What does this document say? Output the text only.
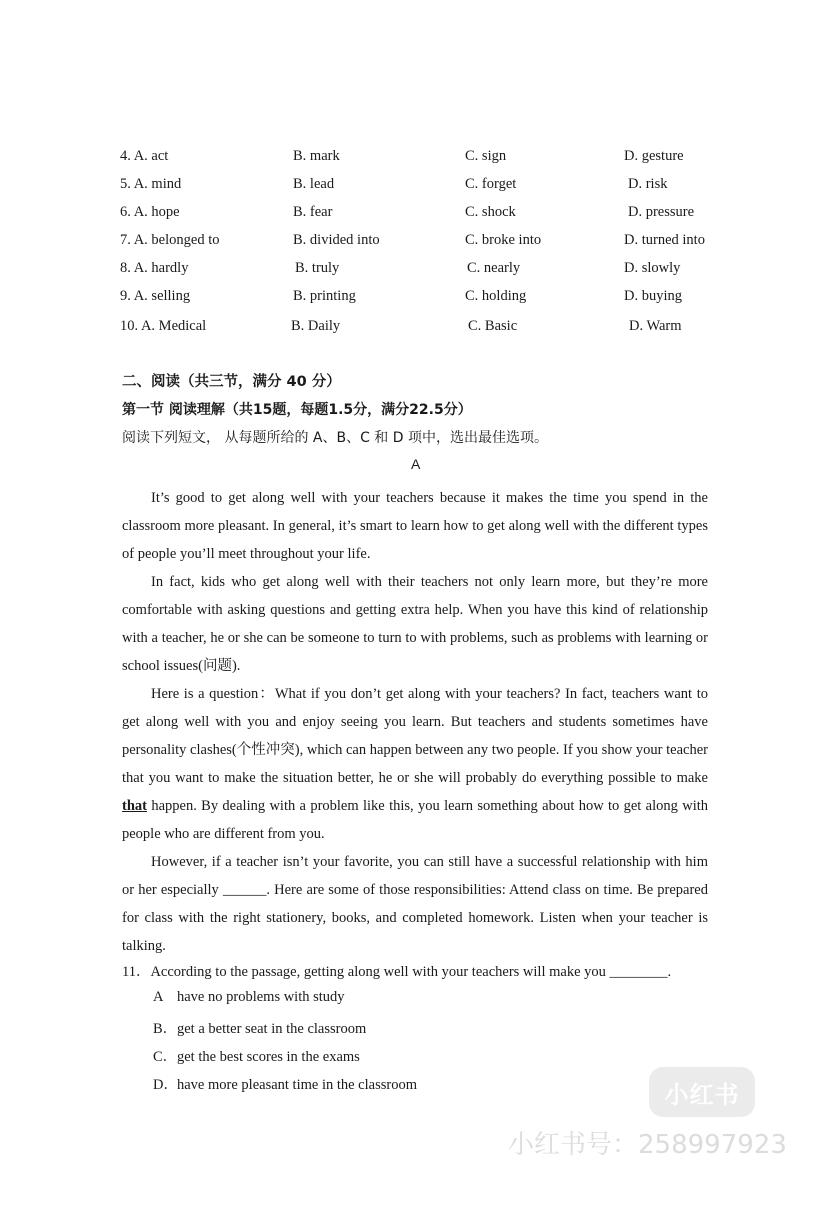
4. A. act	B. mark	C. sign	D. gesture
5. A. mind	B. lead	C. forget	D. risk
6. A. hope	B. fear	C. shock	D. pressure
7. A. belonged to	B. divided into	C. broke into	D. turned into
8. A. hardly	B. truly	C. nearly	D. slowly
9. A. selling	B. printing	C. holding	D. buying
10. A. Medical	B. Daily	C. Basic	D. Warm
二、阅读（共三节，满分 40 分）
第一节 阅读理解（共15题，每题1.5分，满分22.5分）
阅读下列短文， 从每题所给的 A、B、C 和 D 项中，选出最佳选项。
A

It’s good to get along well with your teachers because it makes the time you spend in the classroom more pleasant. In general, it’s smart to learn how to get along well with the different types of people you’ll meet throughout your life.

In fact, kids who get along well with their teachers not only learn more, but they’re more comfortable with asking questions and getting extra help. When you have this kind of relationship with a teacher, he or she can be someone to turn to with problems, such as problems with learning or school issues(问题).

Here is a question：What if you don’t get along with your teachers? In fact, teachers want to get along well with you and enjoy seeing you learn. But teachers and students sometimes have personality clashes(个性冲突), which can happen between any two people. If you show your teacher that you want to make the situation better, he or she will probably do everything possible to make that happen. By dealing with a problem like this, you learn something about how to get along with people who are different from you.

However, if a teacher isn’t your favorite, you can still have a successful relationship with him or her especially ______. Here are some of those responsibilities: Attend class on time. Be prepared for class with the right stationery, books, and completed homework. Listen when your teacher is talking.

11．According to the passage, getting along well with your teachers will make you ________.
A have no problems with study
B．get a better seat in the classroom
C．get the best scores in the exams
D．have more pleasant time in the classroom	小红书
小红书号：258997923
